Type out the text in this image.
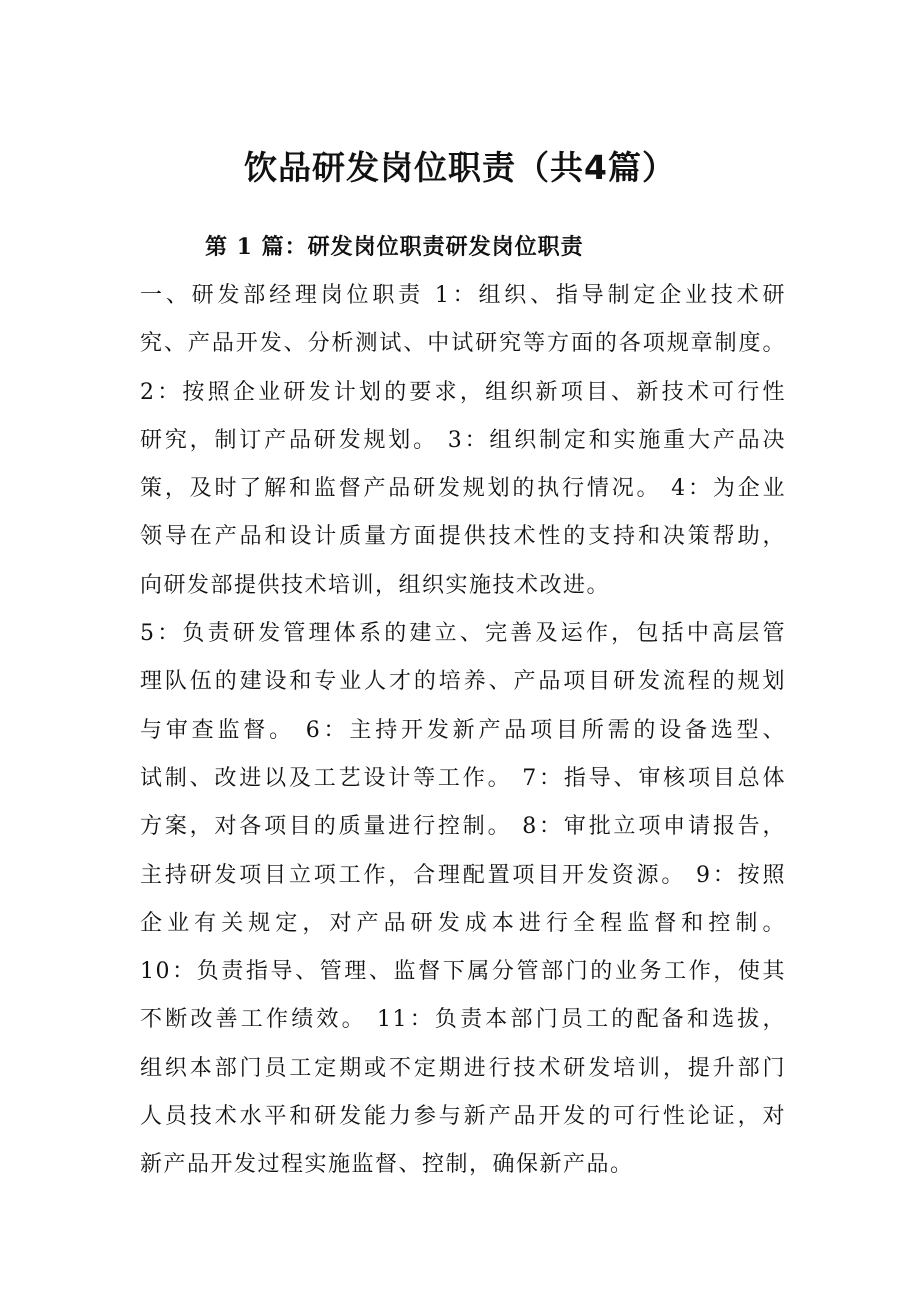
饮品研发岗位职责（共4篇）
第 1 篇：研发岗位职责研发岗位职责
一、研发部经理岗位职责 1：组织、指导制定企业技术研
究、产品开发、分析测试、中试研究等方面的各项规章制度。
2：按照企业研发计划的要求，组织新项目、新技术可行性
研究，制订产品研发规划。 3：组织制定和实施重大产品决
策，及时了解和监督产品研发规划的执行情况。 4：为企业
领导在产品和设计质量方面提供技术性的支持和决策帮助，
向研发部提供技术培训，组织实施技术改进。
5：负责研发管理体系的建立、完善及运作，包括中高层管
理队伍的建设和专业人才的培养、产品项目研发流程的规划
与审查监督。 6：主持开发新产品项目所需的设备选型、
试制、改进以及工艺设计等工作。 7：指导、审核项目总体
方案，对各项目的质量进行控制。 8：审批立项申请报告，
主持研发项目立项工作，合理配置项目开发资源。 9：按照
企业有关规定，对产品研发成本进行全程监督和控制。
10：负责指导、管理、监督下属分管部门的业务工作，使其
不断改善工作绩效。 11：负责本部门员工的配备和选拔，
组织本部门员工定期或不定期进行技术研发培训，提升部门
人员技术水平和研发能力参与新产品开发的可行性论证，对
新产品开发过程实施监督、控制，确保新产品。
